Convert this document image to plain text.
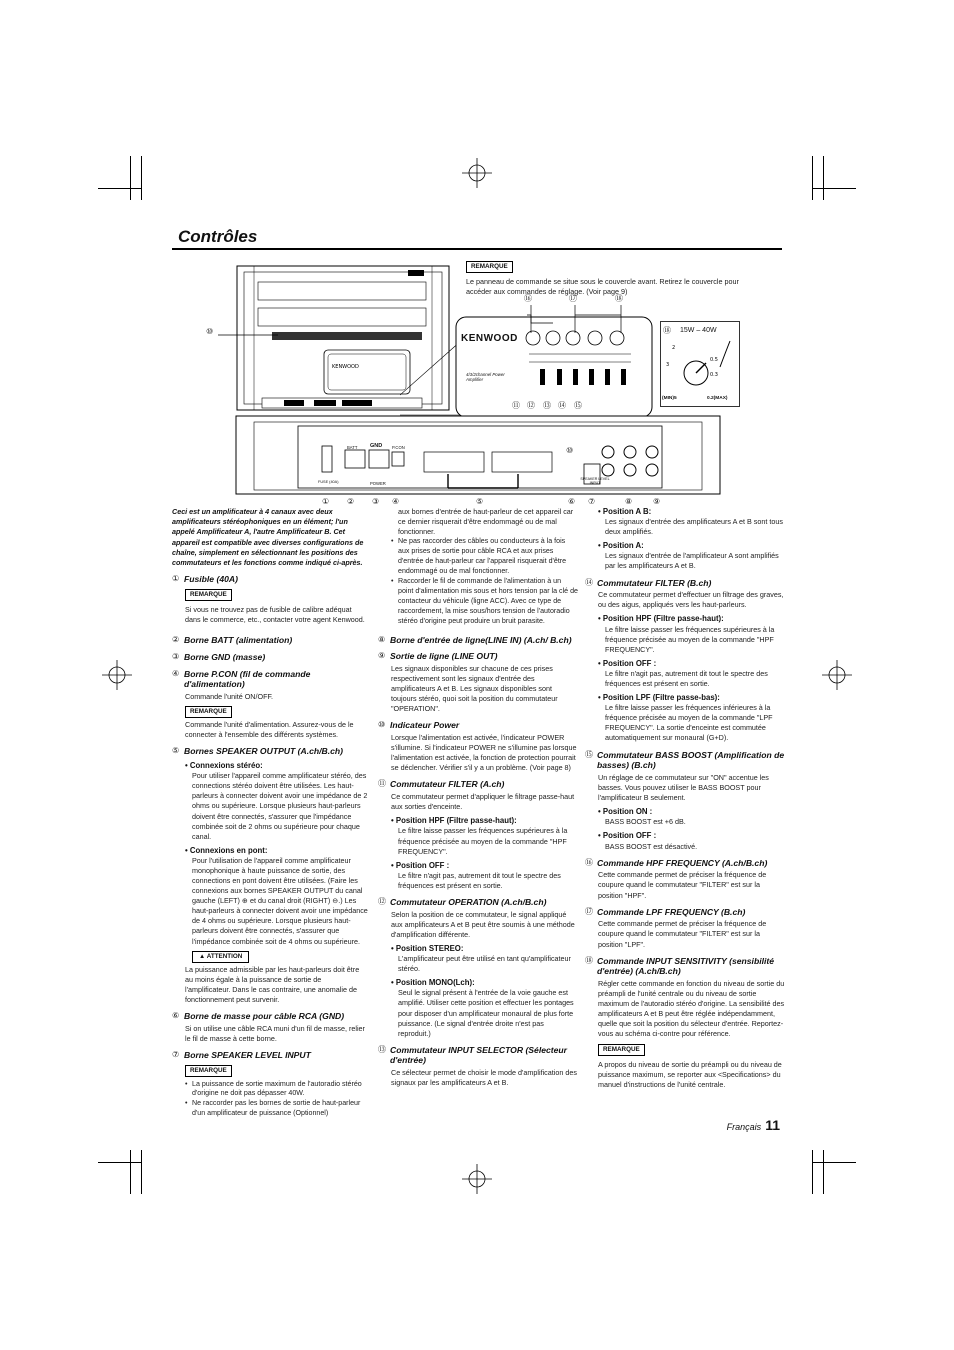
Contrôles
KENWOOD
⑩
REMARQUE
Le panneau de commande se situe sous le couvercle avant. Retirez le couvercle pour accéder aux commandes de réglage. (Voir page 9)
KENWOOD
4/3/2channel Power Amplifier
⑯	⑰	⑱
⑪ ⑫ ⑬ ⑭ ⑮
2
3
0.5
0.3
⑱ 15W – 40W
(MIN)5	0.2(MAX)
GND
BATT	P.CON
POWER
FUSE (40A)
SPEAKER LEVEL INPUT
① ② ③ ④	⑤	⑥ ⑦	⑧	⑨
⑩
Ceci est un amplificateur à 4 canaux avec deux amplificateurs stéréophoniques en un élément; l'un appelé Amplificateur A, l'autre Amplificateur B. Cet appareil est compatible avec diverses configurations de chaîne, simplement en sélectionnant les positions des commutateurs et les fonctions comme indiqué ci-après.
① Fusible (40A)
REMARQUE
Si vous ne trouvez pas de fusible de calibre adéquat dans le commerce, etc., contacter votre agent Kenwood.
② Borne BATT (alimentation)
③ Borne GND (masse)
④ Borne P.CON (fil de commande d'alimentation)
Commande l'unité ON/OFF.
REMARQUE
Commande l'unité d'alimentation. Assurez-vous de le connecter à l'ensemble des différents systèmes.
⑤ Bornes SPEAKER OUTPUT (A.ch/B.ch)
• Connexions stéréo:
Pour utiliser l'appareil comme amplificateur stéréo, des connections stéréo doivent être utilisées. Les haut-parleurs à connecter doivent avoir une impédance de 2 ohms ou supérieure. Lorsque plusieurs haut-parleurs doivent être connectés, s'assurer que l'impédance combinée soit de 2 ohms ou supérieure pour chaque canal.
• Connexions en pont:
Pour l'utilisation de l'appareil comme amplificateur monophonique à haute puissance de sortie, des connections en pont doivent être utilisées. (Faire les connexions aux bornes SPEAKER OUTPUT du canal gauche (LEFT) ⊕ et du canal droit (RIGHT) ⊖.) Les haut-parleurs à connecter doivent avoir une impédance de 4 ohms ou supérieure. Lorsque plusieurs haut-parleurs doivent être connectés, s'assurer que l'impédance combinée soit de 4 ohms ou supérieure.
▲ ATTENTION
La puissance admissible par les haut-parleurs doit être au moins égale à la puissance de sortie de l'amplificateur. Dans le cas contraire, une anomalie de fonctionnement peut survenir.
⑥ Borne de masse pour câble RCA (GND)
Si on utilise une câble RCA muni d'un fil de masse, relier le fil de masse à cette borne.
⑦ Borne SPEAKER LEVEL INPUT
REMARQUE
• La puissance de sortie maximum de l'autoradio stéréo d'origine ne doit pas dépasser 40W.
• Ne raccorder pas les bornes de sortie de haut-parleur d'un amplificateur de puissance (Optionnel)
aux bornes d'entrée de haut-parleur de cet appareil car ce dernier risquerait d'être endommagé ou de mal fonctionner.
• Ne pas raccorder des câbles ou conducteurs à la fois aux prises de sortie pour câble RCA et aux prises d'entrée de haut-parleur car l'appareil risquerait d'être endommagé ou de mal fonctionner.
• Raccorder le fil de commande de l'alimentation à un point d'alimentation mis sous et hors tension par la clé de contacteur du véhicule (ligne ACC). Avec ce type de raccordement, la mise sous/hors tension de l'autoradio stéréo d'origine peut produire un bruit parasite.
⑧ Borne d'entrée de ligne(LINE IN) (A.ch/ B.ch)
⑨ Sortie de ligne (LINE OUT)
Les signaux disponibles sur chacune de ces prises respectivement sont les signaux d'entrée des amplificateurs A et B. Les signaux disponibles sont toujours stéréo, quoi soit la position du commutateur "OPERATION".
⑩ Indicateur Power
Lorsque l'alimentation est activée, l'indicateur POWER s'illumine. Si l'indicateur POWER ne s'illumine pas lorsque l'alimentation est activée, la fonction de protection pourrait se déclencher. Vérifier s'il y a un problème. (Voir page 8)
⑪ Commutateur FILTER (A.ch)
Ce commutateur permet d'appliquer le filtrage passe-haut aux sorties d'enceinte.
• Position HPF (Filtre passe-haut):
Le filtre laisse passer les fréquences supérieures à la fréquence précisée au moyen de la commande "HPF FREQUENCY".
• Position OFF :
Le filtre n'agit pas, autrement dit tout le spectre des fréquences est présent en sortie.
⑫ Commutateur OPERATION (A.ch/B.ch)
Selon la position de ce commutateur, le signal appliqué aux amplificateurs A et B peut être soumis à une méthode d'amplification différente.
• Position STEREO:
L'amplificateur peut être utilisé en tant qu'amplificateur stéréo.
• Position MONO(Lch):
Seul le signal présent à l'entrée de la voie gauche est amplifié. Utiliser cette position et effectuer les pontages pour disposer d'un amplificateur monaural de plus forte puissance. (Le signal d'entrée droite n'est pas reproduit.)
⑬ Commutateur INPUT SELECTOR (Sélecteur d'entrée)
Ce sélecteur permet de choisir le mode d'amplification des signaux par les amplificateurs A et B.
• Position A B:
Les signaux d'entrée des amplificateurs A et B sont tous deux amplifiés.
• Position A:
Les signaux d'entrée de l'amplificateur A sont amplifiés par les amplificateurs A et B.
⑭ Commutateur FILTER (B.ch)
Ce commutateur permet d'effectuer un filtrage des graves, ou des aigus, appliqués vers les haut-parleurs.
• Position HPF (Filtre passe-haut):
Le filtre laisse passer les fréquences supérieures à la fréquence précisée au moyen de la commande "HPF FREQUENCY".
• Position OFF :
Le filtre n'agit pas, autrement dit tout le spectre des fréquences est présent en sortie.
• Position LPF (Filtre passe-bas):
Le filtre laisse passer les fréquences inférieures à la fréquence précisée au moyen de la commande "LPF FREQUENCY". La sortie d'enceinte est commutée automatiquement sur monaural (G+D).
⑮ Commutateur BASS BOOST (Amplification de basses) (B.ch)
Un réglage de ce commutateur sur "ON" accentue les basses. Vous pouvez utiliser le BASS BOOST pour l'amplificateur B seulement.
• Position ON :
BASS BOOST est +6 dB.
• Position OFF :
BASS BOOST est désactivé.
⑯ Commande HPF FREQUENCY (A.ch/B.ch)
Cette commande permet de préciser la fréquence de coupure quand le commutateur "FILTER" est sur la position "HPF".
⑰ Commande LPF FREQUENCY (B.ch)
Cette commande permet de préciser la fréquence de coupure quand le commutateur "FILTER" est sur la position "LPF".
⑱ Commande INPUT SENSITIVITY (sensibilité d'entrée) (A.ch/B.ch)
Régler cette commande en fonction du niveau de sortie du préampli de l'unité centrale ou du niveau de sortie maximum de l'autoradio stéréo d'origine. La sensibilité des amplificateurs A et B peut être réglée indépendamment, quelle que soit la position du sélecteur d'entrée. Reportez-vous au schéma ci-contre pour référence.
REMARQUE
A propos du niveau de sortie du préampli ou du niveau de puissance maximum, se reporter aux <Specifications> du manuel d'instructions de l'unité centrale.
Français 11
